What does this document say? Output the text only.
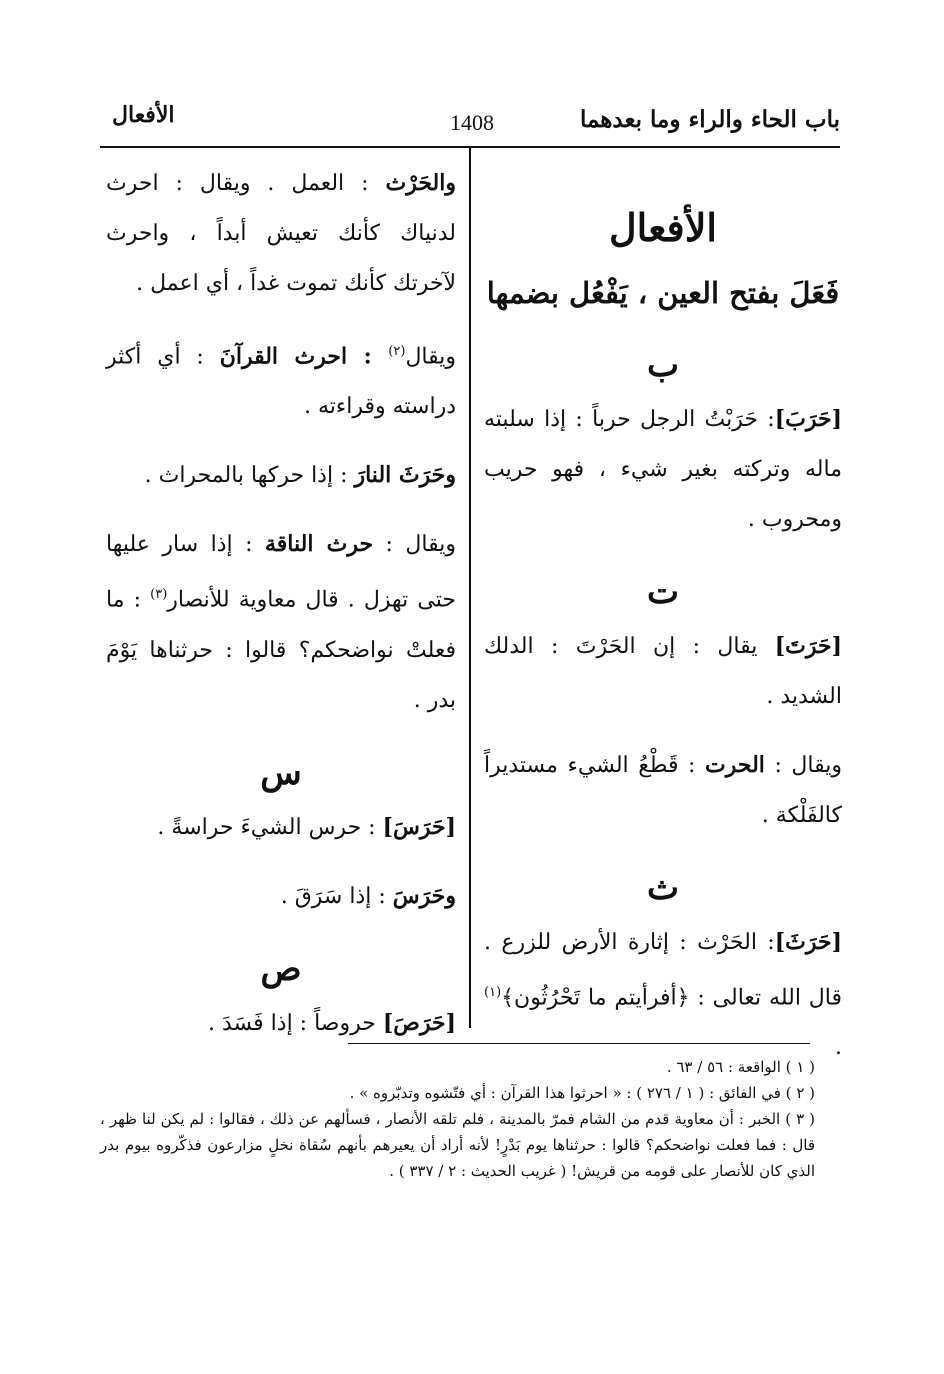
باب الحاء والراء وما بعدهما
1408
الأفعال
الأفعال
فَعَلَ بفتح العين ، يَفْعُل بضمها
ب

[حَرَبَ]: حَرَبْتُ الرجل حرباً : إذا سلبته ماله وتركته بغير شيء ، فهو حريب ومحروب .

ت

[حَرَتَ] يقال : إن الحَرْتَ : الدلك الشديد .

ويقال : الحرت : قَطْعُ الشيء مستديراً كالفَلْكة .

ث

[حَرَثَ]: الحَرْث : إثارة الأرض للزرع . قال الله تعالى : ﴿أفرأيتم ما تَحْرُثُون﴾$^{(١)}$ .

والحَرْث : العمل . ويقال : احرث لدنياك كأنك تعيش أبداً ، واحرث لآخرتك كأنك تموت غداً ، أي اعمل .

ويقال$^{(٢)}$ : احرث القرآنَ : أي أكثر دراسته وقراءته .

وحَرَثَ النارَ : إذا حركها بالمحراث .

ويقال : حرث الناقة : إذا سار عليها حتى تهزل . قال معاوية للأنصار$^{(٣)}$ : ما فعلتْ نواضحكم؟ قالوا : حرثناها يَوْمَ بدر .

س

[حَرَسَ] : حرس الشيءَ حراسةً .

وحَرَسَ : إذا سَرَقَ .

ص

[حَرَصَ] حروصاً : إذا فَسَدَ .

( ١ ) الواقعة : ٥٦ / ٦٣ .

( ٢ ) في الفائق : ( ١ / ٢٧٦ ) : « احرثوا هذا القرآن : أي فتّشوه وتدبّروه » .

( ٣ ) الخبر : أن معاوية قدم من الشام فمرّ بالمدينة ، فلم تلقه الأنصار ، فسألهم عن ذلك ، فقالوا : لم يكن لنا ظهر ، قال : فما فعلت نواضحكم؟ قالوا : حرثناها يوم بَدْرٍ! لأنه أراد أن يعيرهم بأنهم سُقاة نخلٍ مزارعون فذكّروه بيوم بدر الذي كان للأنصار على قومه من قريش! ( غريب الحديث : ٢ / ٣٣٧ ) .
